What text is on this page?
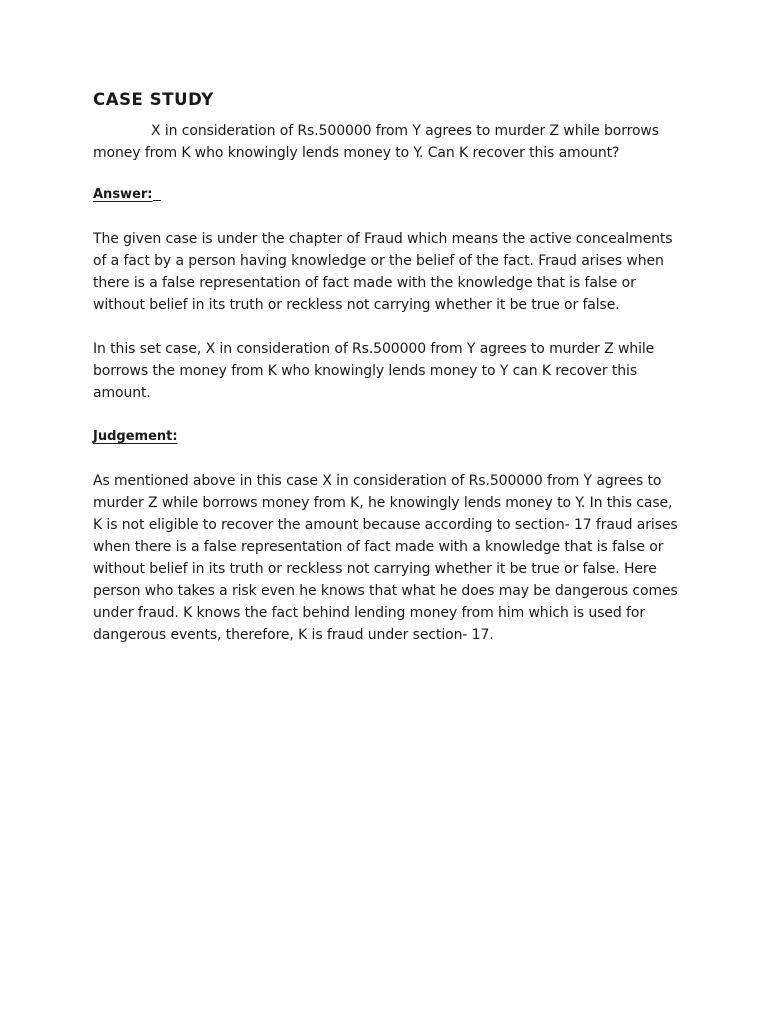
CASE STUDY

X in consideration of Rs.500000 from Y agrees to murder Z while borrows money from K who knowingly lends money to Y. Can K recover this amount?

Answer:

The given case is under the chapter of Fraud which means the active concealments of a fact by a person having knowledge or the belief of the fact. Fraud arises when there is a false representation of fact made with the knowledge that is false or without belief in its truth or reckless not carrying whether it be true or false.

In this set case, X in consideration of Rs.500000 from Y agrees to murder Z while borrows the money from K who knowingly lends money to Y can K recover this amount.

Judgement:

As mentioned above in this case X in consideration of Rs.500000 from Y agrees to murder Z while borrows money from K, he knowingly lends money to Y. In this case, K is not eligible to recover the amount because according to section- 17 fraud arises when there is a false representation of fact made with a knowledge that is false or without belief in its truth or reckless not carrying whether it be true or false. Here person who takes a risk even he knows that what he does may be dangerous comes under fraud. K knows the fact behind lending money from him which is used for dangerous events, therefore, K is fraud under section- 17.
